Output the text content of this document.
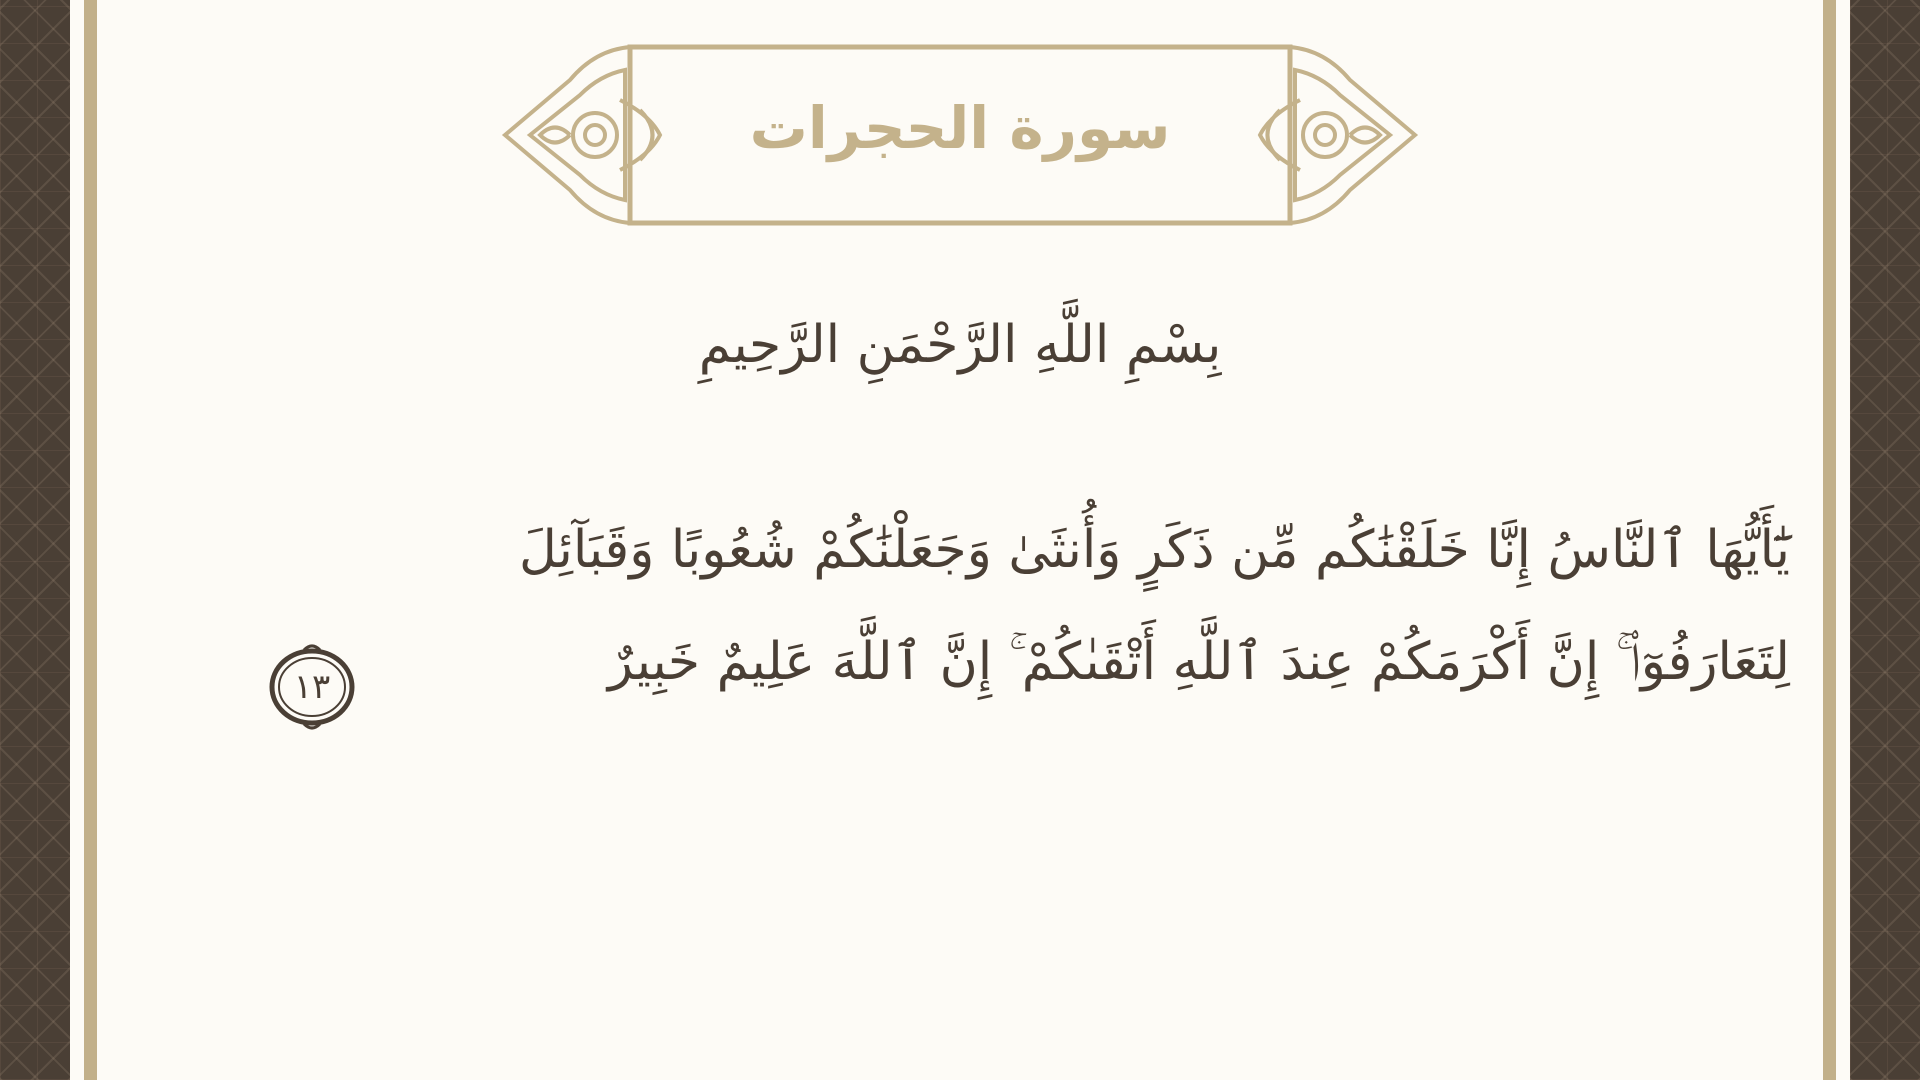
سورة الحجرات
بِسْمِ اللَّهِ الرَّحْمَنِ الرَّحِيمِ
يَٰٓأَيُّهَا ٱلنَّاسُ إِنَّا خَلَقْنَٰكُم مِّن ذَكَرٍ وَأُنثَىٰ وَجَعَلْنَٰكُمْ شُعُوبًا وَقَبَآئِلَ
لِتَعَارَفُوٓا۟ ۚ إِنَّ أَكْرَمَكُمْ عِندَ ٱللَّهِ أَتْقَىٰكُمْ ۚ إِنَّ ٱللَّهَ عَلِيمٌ خَبِيرٌ
١٣
